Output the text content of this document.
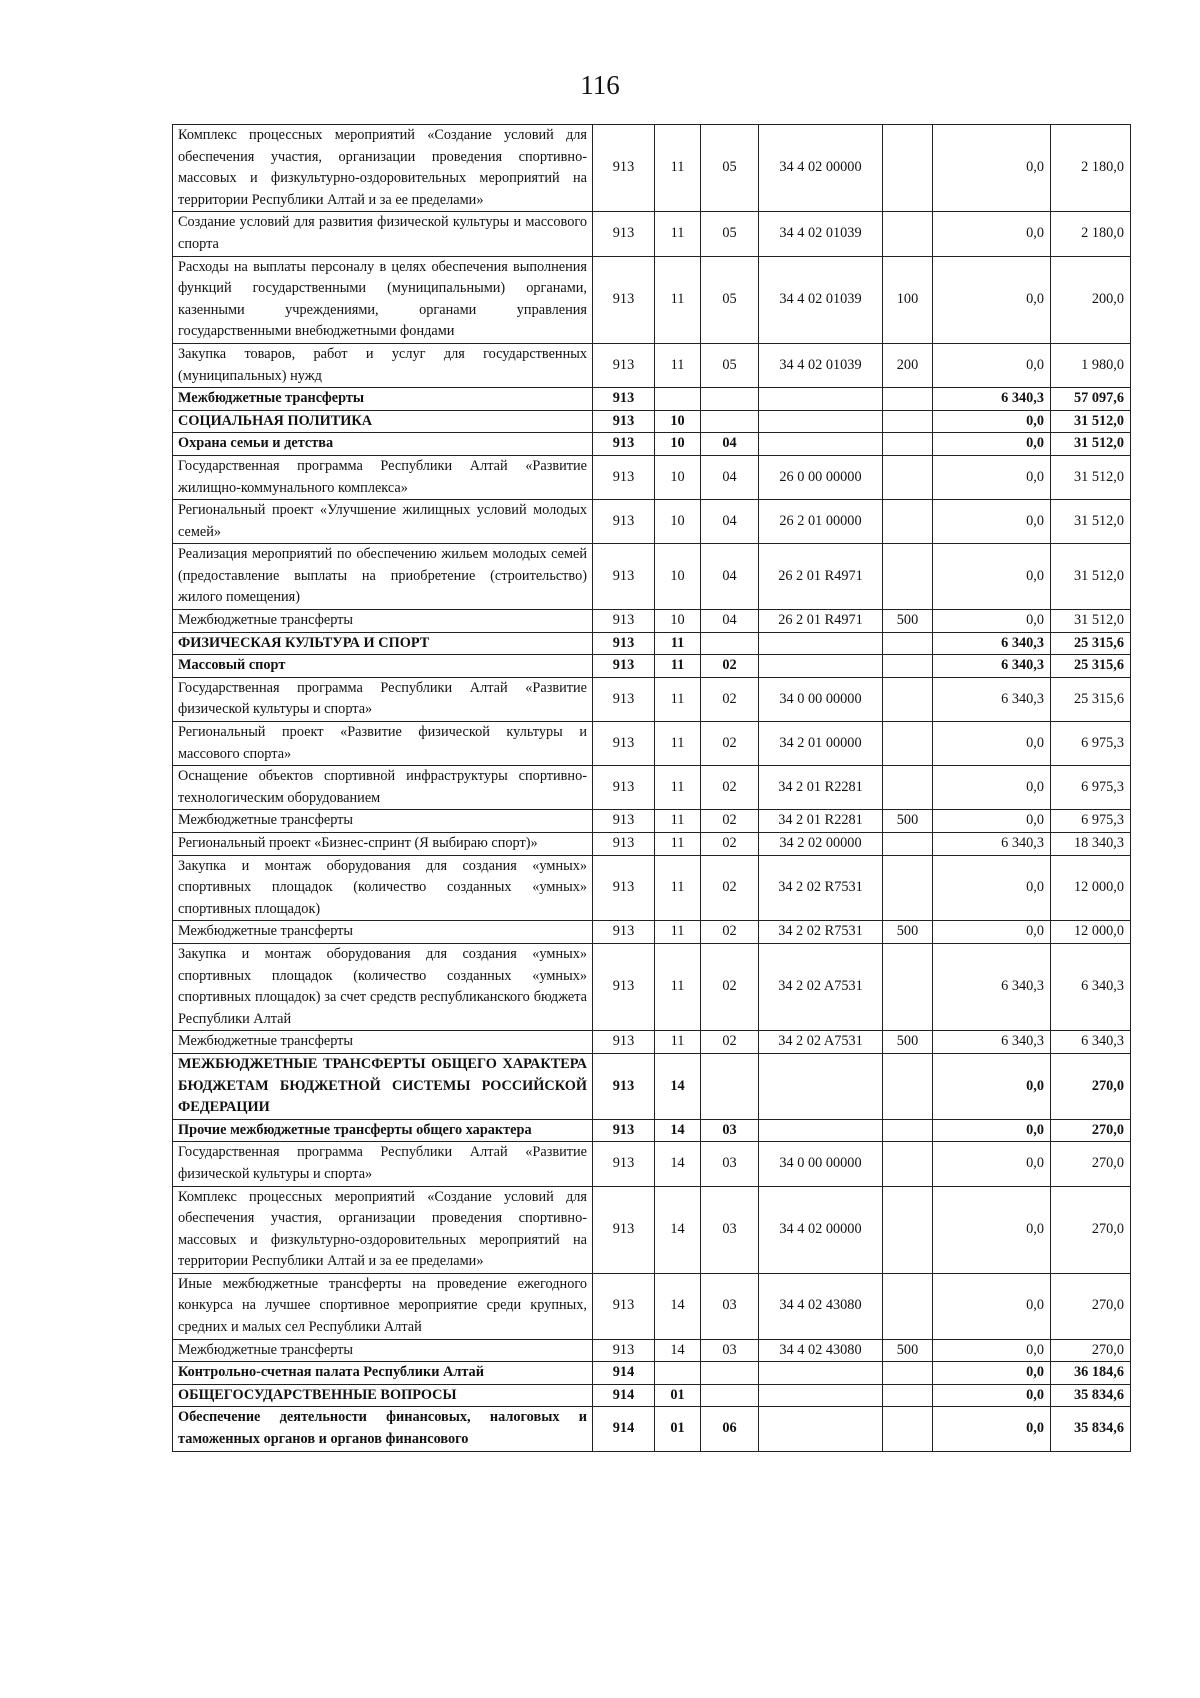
116
Комплекс процессных мероприятий «Создание условий для обеспечения участия, организации проведения спортивно-массовых и физкультурно-оздоровительных мероприятий на территории Республики Алтай и за ее пределами»	913	11	05	34 4 02 00000		0,0	2 180,0
Создание условий для развития физической культуры и массового спорта	913	11	05	34 4 02 01039		0,0	2 180,0
Расходы на выплаты персоналу в целях обеспечения выполнения функций государственными (муниципальными) органами, казенными учреждениями, органами управления государственными внебюджетными фондами	913	11	05	34 4 02 01039	100	0,0	200,0
Закупка товаров, работ и услуг для государственных (муниципальных) нужд	913	11	05	34 4 02 01039	200	0,0	1 980,0
Межбюджетные трансферты	913					6 340,3	57 097,6
СОЦИАЛЬНАЯ ПОЛИТИКА	913	10				0,0	31 512,0
Охрана семьи и детства	913	10	04			0,0	31 512,0
Государственная программа Республики Алтай «Развитие жилищно-коммунального комплекса»	913	10	04	26 0 00 00000		0,0	31 512,0
Региональный проект «Улучшение жилищных условий молодых семей»	913	10	04	26 2 01 00000		0,0	31 512,0
Реализация мероприятий по обеспечению жильем молодых семей (предоставление выплаты на приобретение (строительство) жилого помещения)	913	10	04	26 2 01 R4971		0,0	31 512,0
Межбюджетные трансферты	913	10	04	26 2 01 R4971	500	0,0	31 512,0
ФИЗИЧЕСКАЯ КУЛЬТУРА И СПОРТ	913	11				6 340,3	25 315,6
Массовый спорт	913	11	02			6 340,3	25 315,6
Государственная программа Республики Алтай «Развитие физической культуры и спорта»	913	11	02	34 0 00 00000		6 340,3	25 315,6
Региональный проект «Развитие физической культуры и массового спорта»	913	11	02	34 2 01 00000		0,0	6 975,3
Оснащение объектов спортивной инфраструктуры спортивно-технологическим оборудованием	913	11	02	34 2 01 R2281		0,0	6 975,3
Межбюджетные трансферты	913	11	02	34 2 01 R2281	500	0,0	6 975,3
Региональный проект «Бизнес-спринт (Я выбираю спорт)»	913	11	02	34 2 02 00000		6 340,3	18 340,3
Закупка и монтаж оборудования для создания «умных» спортивных площадок (количество созданных «умных» спортивных площадок)	913	11	02	34 2 02 R7531		0,0	12 000,0
Межбюджетные трансферты	913	11	02	34 2 02 R7531	500	0,0	12 000,0
Закупка и монтаж оборудования для создания «умных» спортивных площадок (количество созданных «умных» спортивных площадок) за счет средств республиканского бюджета Республики Алтай	913	11	02	34 2 02 A7531		6 340,3	6 340,3
Межбюджетные трансферты	913	11	02	34 2 02 A7531	500	6 340,3	6 340,3
МЕЖБЮДЖЕТНЫЕ ТРАНСФЕРТЫ ОБЩЕГО ХАРАКТЕРА БЮДЖЕТАМ БЮДЖЕТНОЙ СИСТЕМЫ РОССИЙСКОЙ ФЕДЕРАЦИИ	913	14				0,0	270,0
Прочие межбюджетные трансферты общего характера	913	14	03			0,0	270,0
Государственная программа Республики Алтай «Развитие физической культуры и спорта»	913	14	03	34 0 00 00000		0,0	270,0
Комплекс процессных мероприятий «Создание условий для обеспечения участия, организации проведения спортивно-массовых и физкультурно-оздоровительных мероприятий на территории Республики Алтай и за ее пределами»	913	14	03	34 4 02 00000		0,0	270,0
Иные межбюджетные трансферты на проведение ежегодного конкурса на лучшее спортивное мероприятие среди крупных, средних и малых сел Республики Алтай	913	14	03	34 4 02 43080		0,0	270,0
Межбюджетные трансферты	913	14	03	34 4 02 43080	500	0,0	270,0
Контрольно-счетная палата Республики Алтай	914					0,0	36 184,6
ОБЩЕГОСУДАРСТВЕННЫЕ ВОПРОСЫ	914	01				0,0	35 834,6
Обеспечение деятельности финансовых, налоговых и таможенных органов и органов финансового	914	01	06			0,0	35 834,6
